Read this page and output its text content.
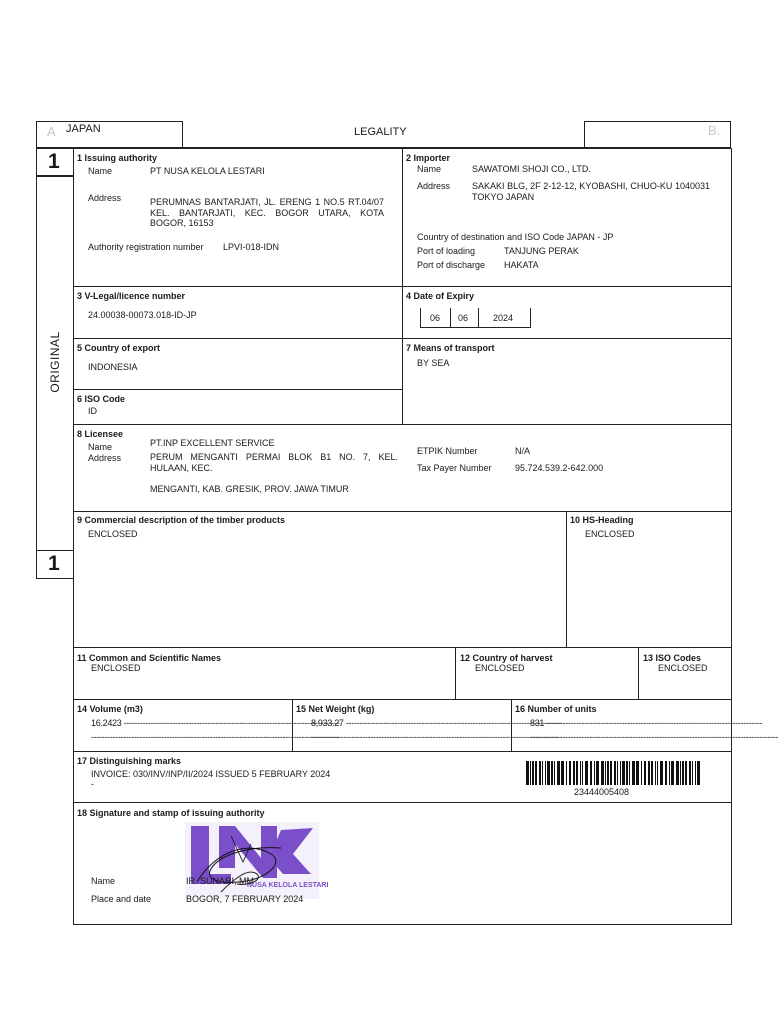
A JAPAN	LEGALITY	B.
1
ORIGINAL
1
1 Issuing authority
Name	PT NUSA KELOLA LESTARI
Address	PERUMNAS BANTARJATI, JL. ERENG 1 NO.5 RT.04/07 KEL. BANTARJATI, KEC. BOGOR UTARA, KOTA BOGOR, 16153
Authority registration number LPVI-018-IDN
2 Importer
Name	SAWATOMI SHOJI CO., LTD.
Address SAKAKI BLG, 2F 2-12-12, KYOBASHI, CHUO-KU 1040031 TOKYO JAPAN
Country of destination and ISO Code JAPAN - JP
Port of loading	TANJUNG PERAK
Port of discharge HAKATA
3 V-Legal/licence number
24.00038-00073.018-ID-JP
4 Date of Expiry
06 06	2024
5 Country of export
INDONESIA
6 ISO Code
ID
7 Means of transport
BY SEA
8 Licensee
Name	PT.INP EXCELLENT SERVICE
Address	PERUM MENGANTI PERMAI BLOK B1 NO. 7, KEL. HULAAN, KEC.
MENGANTI, KAB. GRESIK, PROV. JAWA TIMUR
ETPIK Number	N/A
Tax Payer Number	95.724.539.2-642.000
9 Commercial description of the timber products
ENCLOSED
10 HS-Heading
ENCLOSED
11 Common and Scientific Names
ENCLOSED
12 Country of harvest
ENCLOSED
13 ISO Codes
ENCLOSED
14 Volume (m3)
16.2423 --------------------------------------------------------------------------------
--------------------------------------------------------------------------------------------
15 Net Weight (kg)
8,933.27 --------------------------------------------------------------------------------
--------------------------------------------------------------------------------------------
16 Number of units
831 --------------------------------------------------------------------------------
--------------------------------------------------------------------------------------------
17 Distinguishing marks
INVOICE: 030/INV/INP/II/2024 ISSUED 5 FEBRUARY 2024
-
23444005408
18 Signature and stamp of issuing authority
NUSA KELOLA LESTARI
Name	IR. SUNARI, MM
Place and date	BOGOR, 7 FEBRUARY 2024
